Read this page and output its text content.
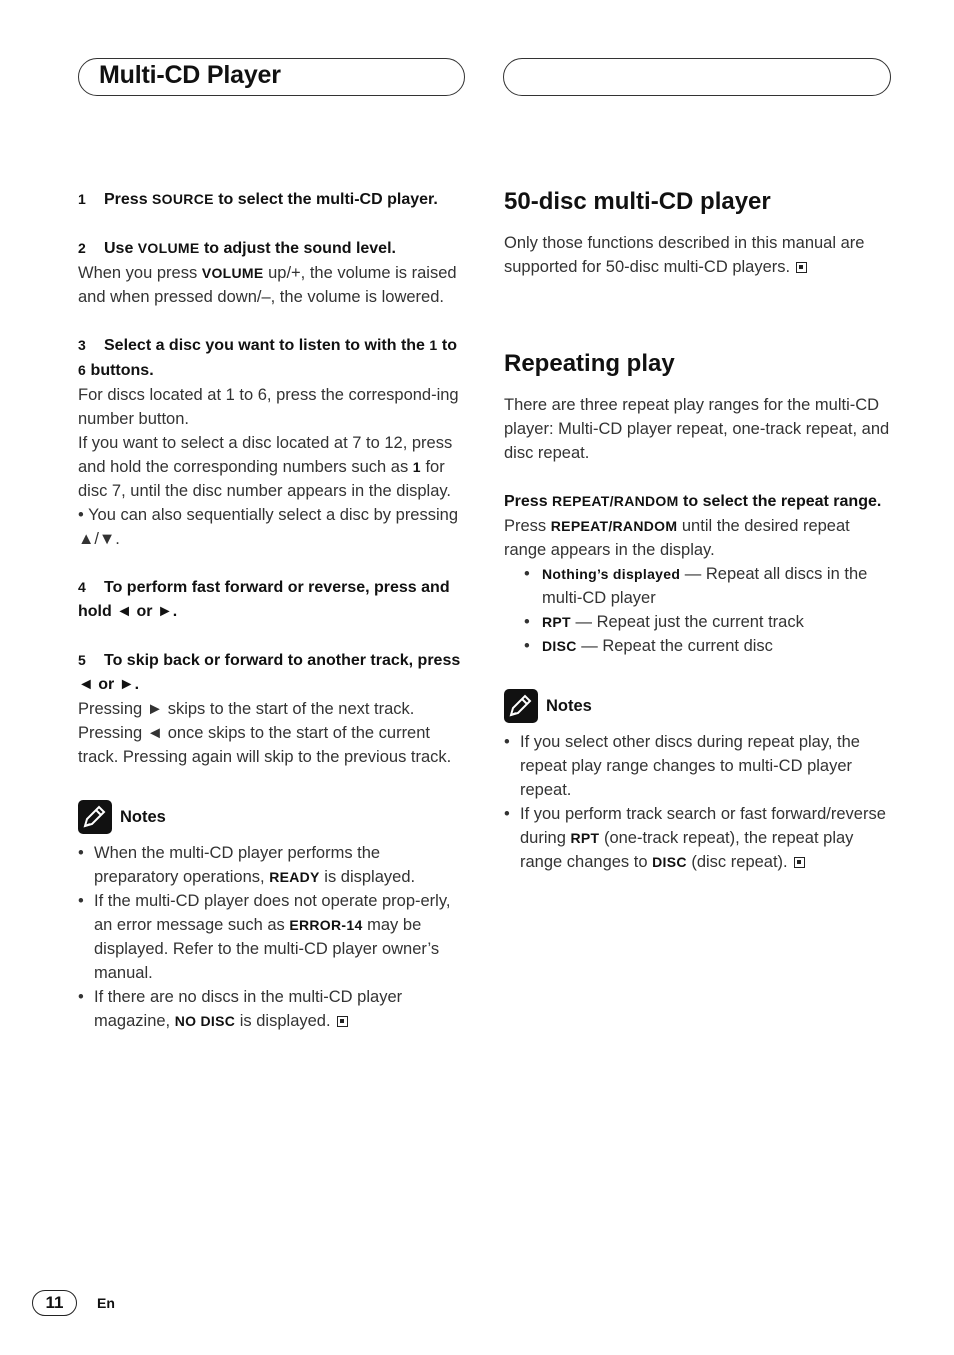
Multi-CD Player
1 Press SOURCE to select the multi-CD player.
2 Use VOLUME to adjust the sound level.
When you press VOLUME up/+, the volume is raised and when pressed down/–, the volume is lowered.
3 Select a disc you want to listen to with the 1 to 6 buttons.
For discs located at 1 to 6, press the correspond-ing number button.
If you want to select a disc located at 7 to 12, press and hold the corresponding numbers such as 1 for disc 7, until the disc number appears in the display.
• You can also sequentially select a disc by pressing ▲/▼.
4 To perform fast forward or reverse, press and hold ◄ or ►.
5 To skip back or forward to another track, press ◄ or ►.
Pressing ► skips to the start of the next track. Pressing ◄ once skips to the start of the current track. Pressing again will skip to the previous track.
Notes
• When the multi-CD player performs the preparatory operations, READY is displayed.
• If the multi-CD player does not operate prop-erly, an error message such as ERROR-14 may be displayed. Refer to the multi-CD player owner’s manual.
• If there are no discs in the multi-CD player magazine, NO DISC is displayed.
50-disc multi-CD player
Only those functions described in this manual are supported for 50-disc multi-CD players.
Repeating play
There are three repeat play ranges for the multi-CD player: Multi-CD player repeat, one-track repeat, and disc repeat.
Press REPEAT/RANDOM to select the repeat range.
Press REPEAT/RANDOM until the desired repeat range appears in the display.
• Nothing’s displayed — Repeat all discs in the multi-CD player
• RPT — Repeat just the current track
• DISC — Repeat the current disc
Notes
• If you select other discs during repeat play, the repeat play range changes to multi-CD player repeat.
• If you perform track search or fast forward/reverse during RPT (one-track repeat), the repeat play range changes to DISC (disc repeat).
11	En
